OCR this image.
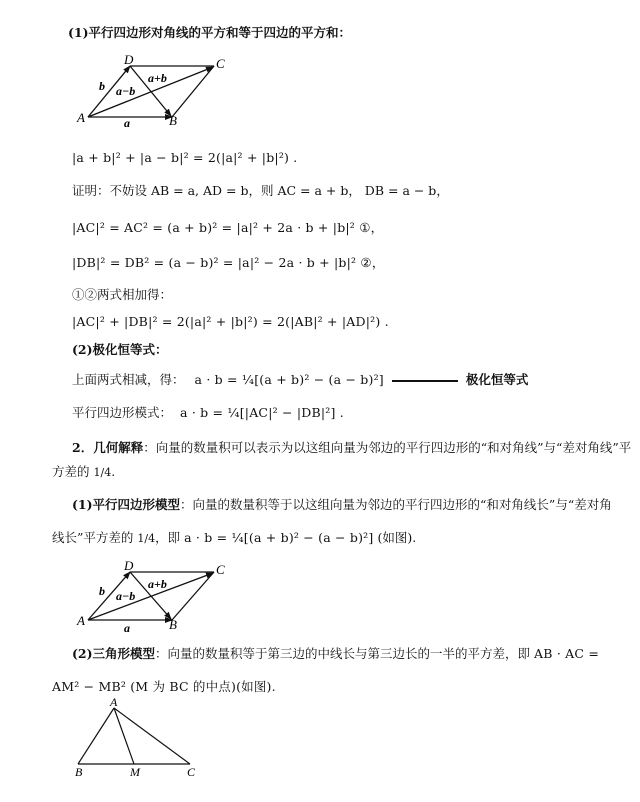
(1)平行四边形对角线的平方和等于四边的平方和：
D	C
A	B
a+b
a−b
b
a
|a + b|² + |a − b|² = 2(|a|² + |b|²) .
证明：不妨设 AB = a, AD = b，则 AC = a + b， DB = a − b，
|AC|² = AC² = (a + b)² = |a|² + 2a · b + |b|² ①，
|DB|² = DB² = (a − b)² = |a|² − 2a · b + |b|² ②，
①②两式相加得：
|AC|² + |DB|² = 2(|a|² + |b|²) = 2(|AB|² + |AD|²) .
(2)极化恒等式：
上面两式相减，得： a · b = ¼[(a + b)² − (a − b)²]	极化恒等式
平行四边形模式： a · b = ¼[|AC|² − |DB|²] .
2．几何解释：向量的数量积可以表示为以这组向量为邻边的平行四边形的“和对角线”与“差对角线”平
方差的 1/4.
(1)平行四边形模型：向量的数量积等于以这组向量为邻边的平行四边形的“和对角线长”与“差对角
线长”平方差的 1/4，即 a · b = ¼[(a + b)² − (a − b)²] (如图).
D	C
A	B
a+b
a−b
b
a
(2)三角形模型：向量的数量积等于第三边的中线长与第三边长的一半的平方差，即 AB · AC =
AM² − MB² (M 为 BC 的中点)(如图).
A
B	M	C
